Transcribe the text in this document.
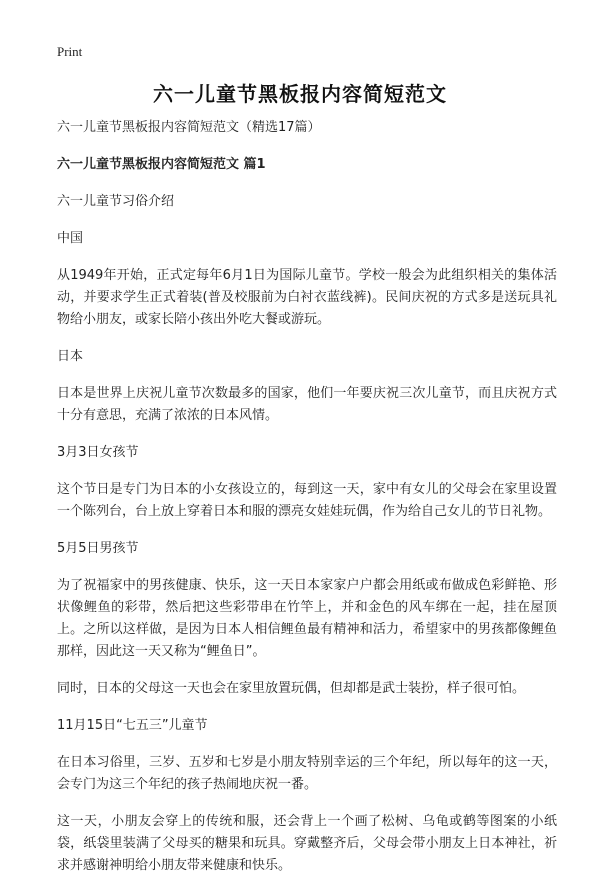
Print
六一儿童节黑板报内容简短范文

六一儿童节黑板报内容简短范文（精选17篇）

六一儿童节黑板报内容简短范文 篇1

六一儿童节习俗介绍

中国

从1949年开始，正式定每年6月1日为国际儿童节。学校一般会为此组织相关的集体活动，并要求学生正式着装(普及校服前为白衬衣蓝线裤)。民间庆祝的方式多是送玩具礼物给小朋友，或家长陪小孩出外吃大餐或游玩。

日本

日本是世界上庆祝儿童节次数最多的国家，他们一年要庆祝三次儿童节，而且庆祝方式十分有意思，充满了浓浓的日本风情。

3月3日女孩节

这个节日是专门为日本的小女孩设立的，每到这一天，家中有女儿的父母会在家里设置一个陈列台，台上放上穿着日本和服的漂亮女娃娃玩偶，作为给自己女儿的节日礼物。

5月5日男孩节

为了祝福家中的男孩健康、快乐，这一天日本家家户户都会用纸或布做成色彩鲜艳、形状像鲤鱼的彩带，然后把这些彩带串在竹竿上，并和金色的风车绑在一起，挂在屋顶上。之所以这样做，是因为日本人相信鲤鱼最有精神和活力，希望家中的男孩都像鲤鱼那样，因此这一天又称为“鲤鱼日”。

同时，日本的父母这一天也会在家里放置玩偶，但却都是武士装扮，样子很可怕。

11月15日“七五三”儿童节

在日本习俗里，三岁、五岁和七岁是小朋友特别幸运的三个年纪，所以每年的这一天，会专门为这三个年纪的孩子热闹地庆祝一番。

这一天，小朋友会穿上的传统和服，还会背上一个画了松树、乌龟或鹤等图案的小纸袋，纸袋里装满了父母买的糖果和玩具。穿戴整齐后，父母会带小朋友上日本神社，祈求并感谢神明给小朋友带来健康和快乐。
